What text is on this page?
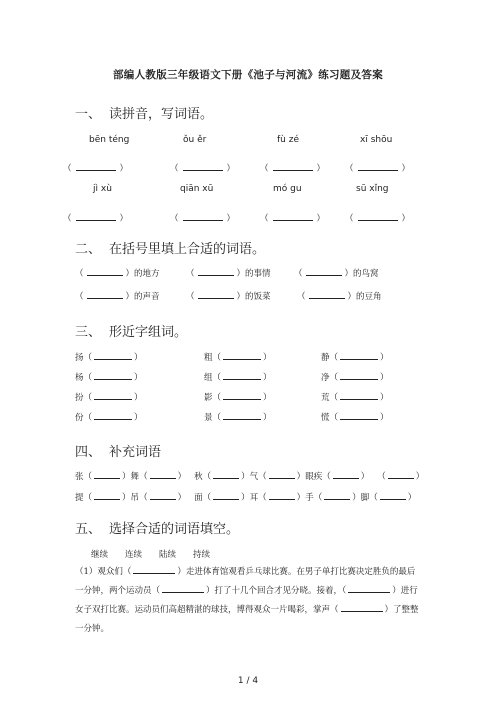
部编人教版三年级语文下册《池子与河流》练习题及答案
一、 读拼音，写词语。
bēn téng	ǒu ěr	fù zé	xī shōu
（	）	（	）	（	） （	）
jì xù	qiān xū	mó gu	sū xǐng
（	）	（	）	（	） （	）
二、 在括号里填上合适的词语。
（	）的地方	（	）的事情	（	）的鸟窝
（	）的声音	（	）的饭菜	（	）的豆角
三、 形近字组词。
扬（	）	粗（	）	静（	）
杨（	）	组（	）	净（	）
扮（	）	影（	）	荒（	）
份（	）	景（	）	慌（	）
四、 补充词语
张（	）舞（	） 秋（	）气（	）眼疾（	） （	）
提（	）吊（	） 面（	）耳（	）手（	）脚（	）
五、 选择合适的词语填空。
继续 连续 陆续 持续
（1）观众们（	）走进体育馆观看乒乓球比赛。在男子单打比赛决定胜负的最后一分钟，两个运动员（	）打了十几个回合才见分晓。接着，（	）进行女子双打比赛。运动员们高超精湛的球技，博得观众一片喝彩，掌声（	）了整整一分钟。
1 / 4
